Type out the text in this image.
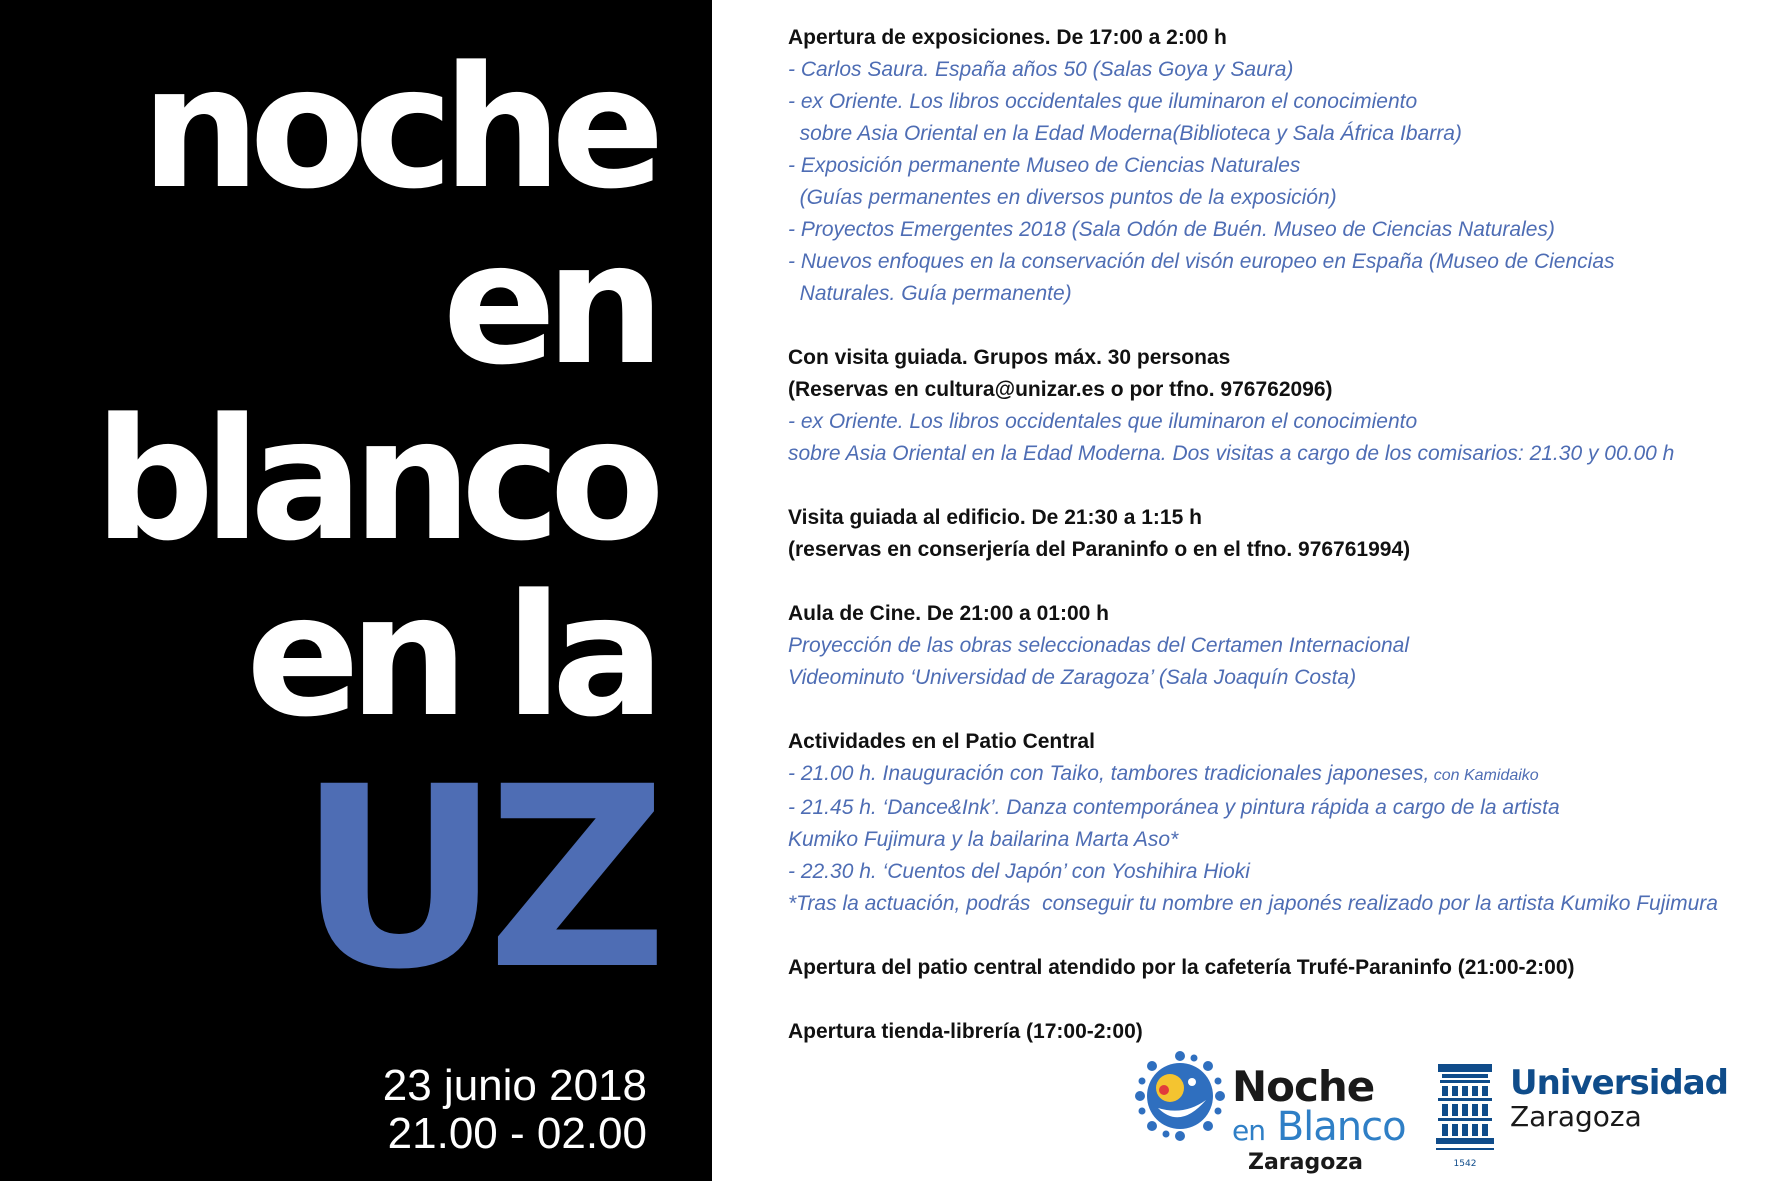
noche
en
blanco
en la
UZ
23 junio 2018
21.00 - 02.00
Apertura de exposiciones. De 17:00 a 2:00 h
- Carlos Saura. España años 50 (Salas Goya y Saura)
- ex Oriente. Los libros occidentales que iluminaron el conocimiento
sobre Asia Oriental en la Edad Moderna(Biblioteca y Sala África Ibarra)
- Exposición permanente Museo de Ciencias Naturales
(Guías permanentes en diversos puntos de la exposición)
- Proyectos Emergentes 2018 (Sala Odón de Buén. Museo de Ciencias Naturales)
- Nuevos enfoques en la conservación del visón europeo en España (Museo de Ciencias
Naturales. Guía permanente)
Con visita guiada. Grupos máx. 30 personas
(Reservas en cultura@unizar.es o por tfno. 976762096)
- ex Oriente. Los libros occidentales que iluminaron el conocimiento
sobre Asia Oriental en la Edad Moderna. Dos visitas a cargo de los comisarios: 21.30 y 00.00 h
Visita guiada al edificio. De 21:30 a 1:15 h
(reservas en conserjería del Paraninfo o en el tfno. 976761994)
Aula de Cine. De 21:00 a 01:00 h
Proyección de las obras seleccionadas del Certamen Internacional
Videominuto ‘Universidad de Zaragoza’ (Sala Joaquín Costa)
Actividades en el Patio Central
- 21.00 h. Inauguración con Taiko, tambores tradicionales japoneses, con Kamidaiko
- 21.45 h. ‘Dance&Ink’. Danza contemporánea y pintura rápida a cargo de la artista
Kumiko Fujimura y la bailarina Marta Aso*
- 22.30 h. ‘Cuentos del Japón’ con Yoshihira Hioki
*Tras la actuación, podrás  conseguir tu nombre en japonés realizado por la artista Kumiko Fujimura
Apertura del patio central atendido por la cafetería Trufé-Paraninfo (21:00-2:00)
Apertura tienda-librería (17:00-2:00)
Noche
en Blanco
Zaragoza	1542
Universidad
Zaragoza
